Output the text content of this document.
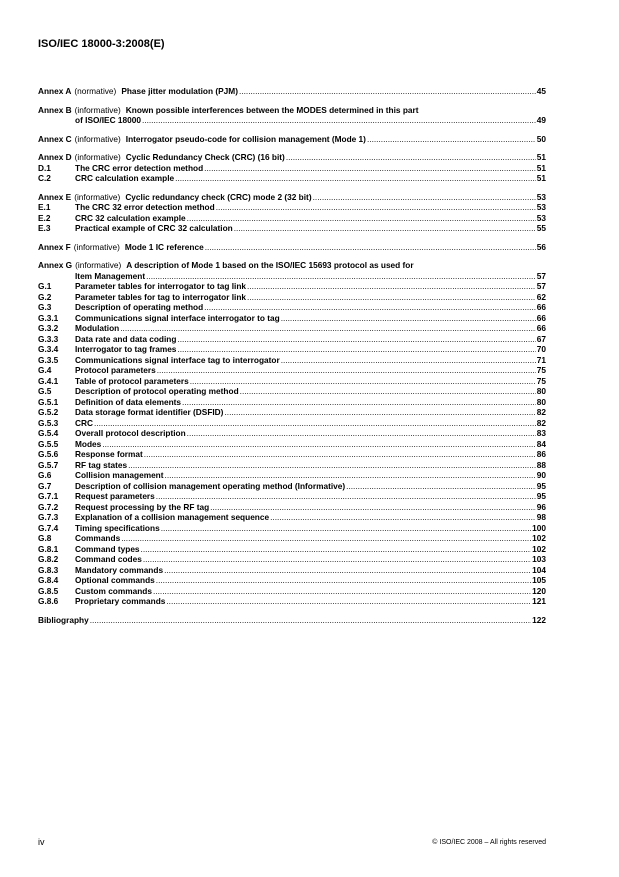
ISO/IEC 18000-3:2008(E)
Annex A (normative) Phase jitter modulation (PJM) .....	45
Annex B (informative) Known possible interferences between the MODES determined in this part
of ISO/IEC 18000 .....	49
Annex C (informative) Interrogator pseudo-code for collision management (Mode 1) .....	50
Annex D (informative) Cyclic Redundancy Check (CRC) (16 bit) .....	51
D.1	The CRC error detection method .....	51
C.2	CRC calculation example .....	51
Annex E (informative) Cyclic redundancy check (CRC) mode 2 (32 bit) .....	53
E.1	The CRC 32 error detection method .....	53
E.2	CRC 32 calculation example .....	53
E.3	Practical example of CRC 32 calculation .....	55
Annex F (informative) Mode 1 IC reference .....	56
Annex G (informative) A description of Mode 1 based on the ISO/IEC 15693 protocol as used for
Item Management .....	57
G.1	Parameter tables for interrogator to tag link .....	57
G.2	Parameter tables for tag to interrogator link .....	62
G.3	Description of operating method .....	66
G.3.1	Communications signal interface interrogator to tag .....	66
G.3.2	Modulation .....	66
G.3.3	Data rate and data coding .....	67
G.3.4	Interrogator to tag frames .....	70
G.3.5	Communications signal interface tag to interrogator .....	71
G.4	Protocol parameters .....	75
G.4.1	Table of protocol parameters .....	75
G.5	Description of protocol operating method .....	80
G.5.1	Definition of data elements .....	80
G.5.2	Data storage format identifier (DSFID) .....	82
G.5.3	CRC .....	82
G.5.4	Overall protocol description .....	83
G.5.5	Modes .....	84
G.5.6	Response format .....	86
G.5.7	RF tag states .....	88
G.6	Collision management .....	90
G.7	Description of collision management operating method (Informative) .....	95
G.7.1	Request parameters .....	95
G.7.2	Request processing by the RF tag .....	96
G.7.3	Explanation of a collision management sequence .....	98
G.7.4	Timing specifications .....	100
G.8	Commands .....	102
G.8.1	Command types .....	102
G.8.2	Command codes .....	103
G.8.3	Mandatory commands .....	104
G.8.4	Optional commands .....	105
G.8.5	Custom commands .....	120
G.8.6	Proprietary commands .....	121
Bibliography .....	122
iv	© ISO/IEC 2008 – All rights reserved
